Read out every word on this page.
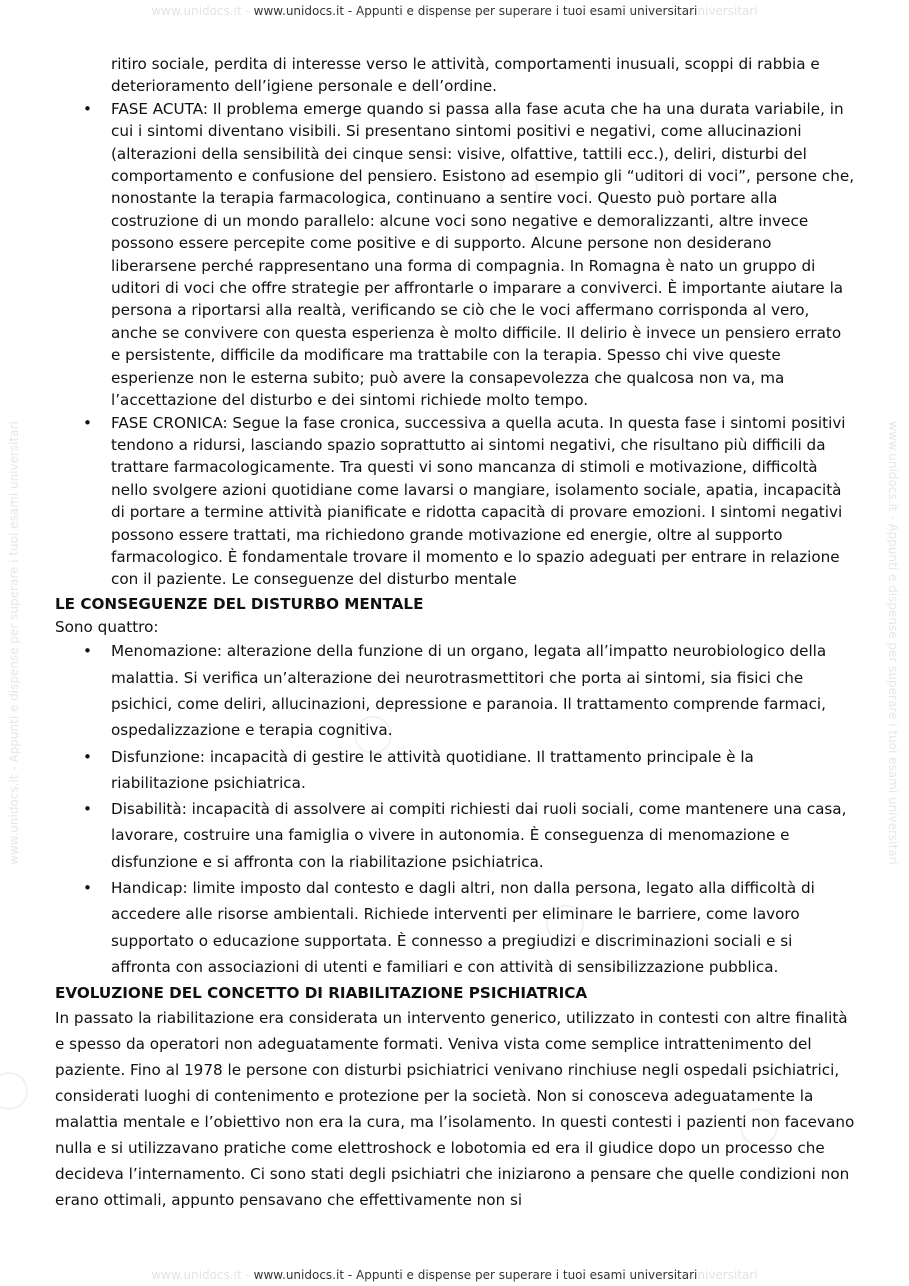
www.unidocs.it - www.unidocs.it - Appunti e dispense per superare i tuoi esami universitariniversitari
www.unidocs.it - Appunti e dispense per superare i tuoi esami universitari	www.unidocs.it - Appunti e dispense per superare i tuoi esami universitari
ritiro sociale, perdita di interesse verso le attività, comportamenti inusuali, scoppi di rabbia e deterioramento dell’igiene personale e dell’ordine.
• FASE ACUTA: Il problema emerge quando si passa alla fase acuta che ha una durata variabile, in cui i sintomi diventano visibili. Si presentano sintomi positivi e negativi, come allucinazioni (alterazioni della sensibilità dei cinque sensi: visive, olfattive, tattili ecc.), deliri, disturbi del comportamento e confusione del pensiero. Esistono ad esempio gli “uditori di voci”, persone che, nonostante la terapia farmacologica, continuano a sentire voci. Questo può portare alla costruzione di un mondo parallelo: alcune voci sono negative e demoralizzanti, altre invece possono essere percepite come positive e di supporto. Alcune persone non desiderano liberarsene perché rappresentano una forma di compagnia. In Romagna è nato un gruppo di uditori di voci che offre strategie per affrontarle o imparare a conviverci. È importante aiutare la persona a riportarsi alla realtà, verificando se ciò che le voci affermano corrisponda al vero, anche se convivere con questa esperienza è molto difficile. Il delirio è invece un pensiero errato e persistente, difficile da modificare ma trattabile con la terapia. Spesso chi vive queste esperienze non le esterna subito; può avere la consapevolezza che qualcosa non va, ma l’accettazione del disturbo e dei sintomi richiede molto tempo.
• FASE CRONICA: Segue la fase cronica, successiva a quella acuta. In questa fase i sintomi positivi tendono a ridursi, lasciando spazio soprattutto ai sintomi negativi, che risultano più difficili da trattare farmacologicamente. Tra questi vi sono mancanza di stimoli e motivazione, difficoltà nello svolgere azioni quotidiane come lavarsi o mangiare, isolamento sociale, apatia, incapacità di portare a termine attività pianificate e ridotta capacità di provare emozioni. I sintomi negativi possono essere trattati, ma richiedono grande motivazione ed energie, oltre al supporto farmacologico. È fondamentale trovare il momento e lo spazio adeguati per entrare in relazione con il paziente. Le conseguenze del disturbo mentale
LE CONSEGUENZE DEL DISTURBO MENTALE
Sono quattro:
• Menomazione: alterazione della funzione di un organo, legata all’impatto neurobiologico della malattia. Si verifica un’alterazione dei neurotrasmettitori che porta ai sintomi, sia fisici che psichici, come deliri, allucinazioni, depressione e paranoia. Il trattamento comprende farmaci, ospedalizzazione e terapia cognitiva.
• Disfunzione: incapacità di gestire le attività quotidiane. Il trattamento principale è la riabilitazione psichiatrica.
• Disabilità: incapacità di assolvere ai compiti richiesti dai ruoli sociali, come mantenere una casa, lavorare, costruire una famiglia o vivere in autonomia. È conseguenza di menomazione e disfunzione e si affronta con la riabilitazione psichiatrica.
• Handicap: limite imposto dal contesto e dagli altri, non dalla persona, legato alla difficoltà di accedere alle risorse ambientali. Richiede interventi per eliminare le barriere, come lavoro supportato o educazione supportata. È connesso a pregiudizi e discriminazioni sociali e si affronta con associazioni di utenti e familiari e con attività di sensibilizzazione pubblica.
EVOLUZIONE DEL CONCETTO DI RIABILITAZIONE PSICHIATRICA
In passato la riabilitazione era considerata un intervento generico, utilizzato in contesti con altre finalità e spesso da operatori non adeguatamente formati. Veniva vista come semplice intrattenimento del paziente. Fino al 1978 le persone con disturbi psichiatrici venivano rinchiuse negli ospedali psichiatrici, considerati luoghi di contenimento e protezione per la società. Non si conosceva adeguatamente la malattia mentale e l’obiettivo non era la cura, ma l’isolamento. In questi contesti i pazienti non facevano nulla e si utilizzavano pratiche come elettroshock e lobotomia ed era il giudice dopo un processo che decideva l’internamento. Ci sono stati degli psichiatri che iniziarono a pensare che quelle condizioni non erano ottimali, appunto pensavano che effettivamente non si
www.unidocs.it - www.unidocs.it - Appunti e dispense per superare i tuoi esami universitariniversitari
